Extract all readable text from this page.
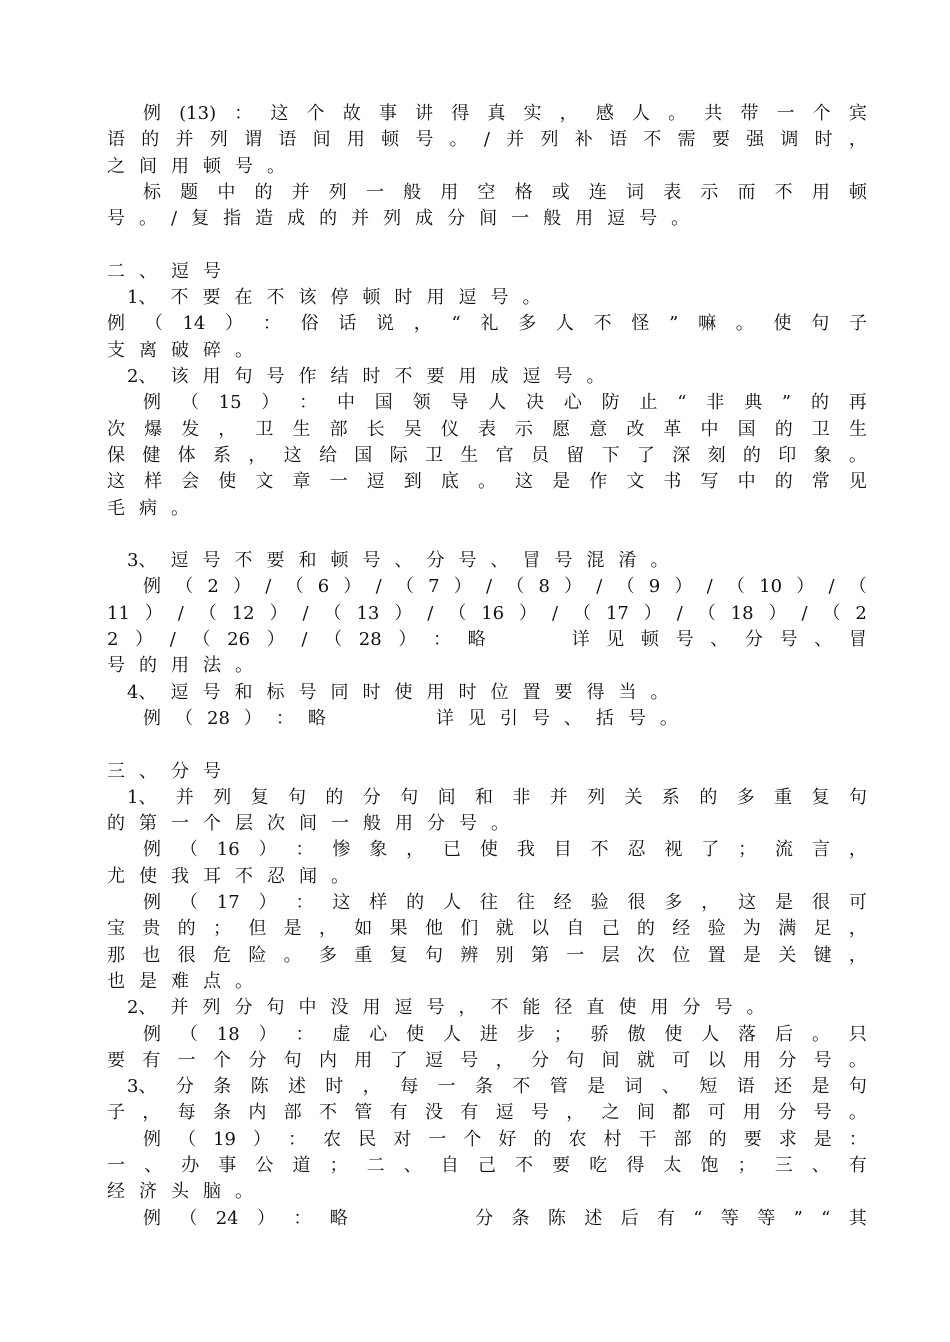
例 (13) ： 这 个 故 事 讲 得 真 实 ， 感 人 。 共 带 一 个 宾
语 的 并 列 谓 语 间 用 顿 号 。 / 并 列 补 语 不 需 要 强 调 时 ，
之 间 用 顿 号 。
标 题 中 的 并 列 一 般 用 空 格 或 连 词 表 示 而 不 用 顿
号 。 / 复 指 造 成 的 并 列 成 分 间 一 般 用 逗 号 。
二 、 逗 号
1、 不 要 在 不 该 停 顿 时 用 逗 号 。
例 （ 14 ） ： 俗 话 说 ， “ 礼 多 人 不 怪 ” 嘛 。 使 句 子
支 离 破 碎 。
2、 该 用 句 号 作 结 时 不 要 用 成 逗 号 。
例 （ 15 ） ： 中 国 领 导 人 决 心 防 止 “ 非 典 ” 的 再
次 爆 发 ， 卫 生 部 长 吴 仪 表 示 愿 意 改 革 中 国 的 卫 生
保 健 体 系 ， 这 给 国 际 卫 生 官 员 留 下 了 深 刻 的 印 象 。
这 样 会 使 文 章 一 逗 到 底 。 这 是 作 文 书 写 中 的 常 见
毛 病 。
3、 逗 号 不 要 和 顿 号 、 分 号 、 冒 号 混 淆 。
例 （ 2 ） / （ 6 ） / （ 7 ） / （ 8 ） / （ 9 ） / （ 10 ） / （
11 ） / （ 12 ） / （ 13 ） / （ 16 ） / （ 17 ） / （ 18 ） / （ 2
2 ） / （ 26 ） / （ 28 ） ： 略

　	详 见 顿 号 、 分 号 、 冒
号 的 用 法 。
4、 逗 号 和 标 号 同 时 使 用 时 位 置 要 得 当 。
例 （ 28 ） ： 略

　	详 见 引 号 、 括 号 。
三 、 分 号
1、 并 列 复 句 的 分 句 间 和 非 并 列 关 系 的 多 重 复 句
的 第 一 个 层 次 间 一 般 用 分 号 。
例 （ 16 ） ： 惨 象 ， 已 使 我 目 不 忍 视 了 ； 流 言 ，
尤 使 我 耳 不 忍 闻 。
例 （ 17 ） ： 这 样 的 人 往 往 经 验 很 多 ， 这 是 很 可
宝 贵 的 ； 但 是 ， 如 果 他 们 就 以 自 己 的 经 验 为 满 足 ，
那 也 很 危 险 。 多 重 复 句 辨 别 第 一 层 次 位 置 是 关 键 ，
也 是 难 点 。
2、 并 列 分 句 中 没 用 逗 号 ， 不 能 径 直 使 用 分 号 。
例 （ 18 ） ： 虚 心 使 人 进 步 ； 骄 傲 使 人 落 后 。 只
要 有 一 个 分 句 内 用 了 逗 号 ， 分 句 间 就 可 以 用 分 号 。
3、 分 条 陈 述 时 ， 每 一 条 不 管 是 词 、 短 语 还 是 句
子 ， 每 条 内 部 不 管 有 没 有 逗 号 ， 之 间 都 可 用 分 号 。
例 （ 19 ） ： 农 民 对 一 个 好 的 农 村 干 部 的 要 求 是 ：
一 、 办 事 公 道 ； 二 、 自 己 不 要 吃 得 太 饱 ； 三 、 有
经 济 头 脑 。
例 （ 24 ） ： 略

　	分 条 陈 述 后 有 “ 等 等 ” “ 其
